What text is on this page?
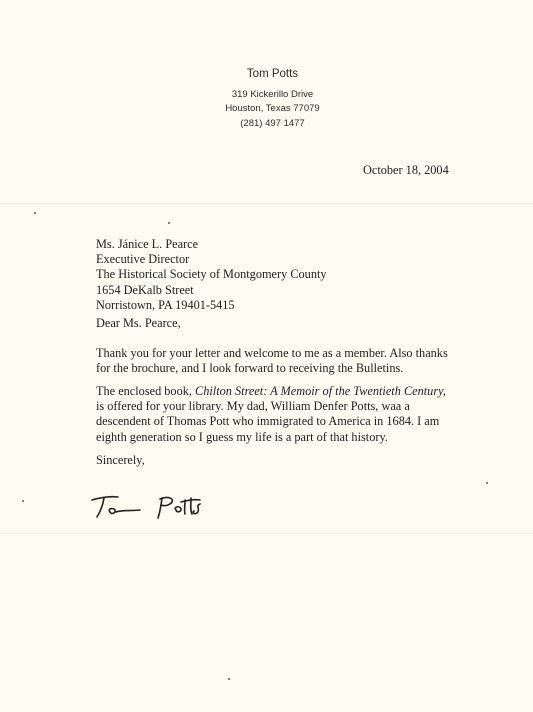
Tom Potts
319 Kickerillo Drive
Houston, Texas 77079
(281) 497 1477
October 18, 2004
Ms. Jánice L. Pearce
Executive Director
The Historical Society of Montgomery County
1654 DeKalb Street
Norristown, PA 19401-5415
Dear Ms. Pearce,
Thank you for your letter and welcome to me as a member. Also thanks
for the brochure, and I look forward to receiving the Bulletins.
The enclosed book, Chilton Street: A Memoir of the Twentieth Century,
is offered for your library. My dad, William Denfer Potts, waa a
descendent of Thomas Pott who immigrated to America in 1684. I am
eighth generation so I guess my life is a part of that history.
Sincerely,
